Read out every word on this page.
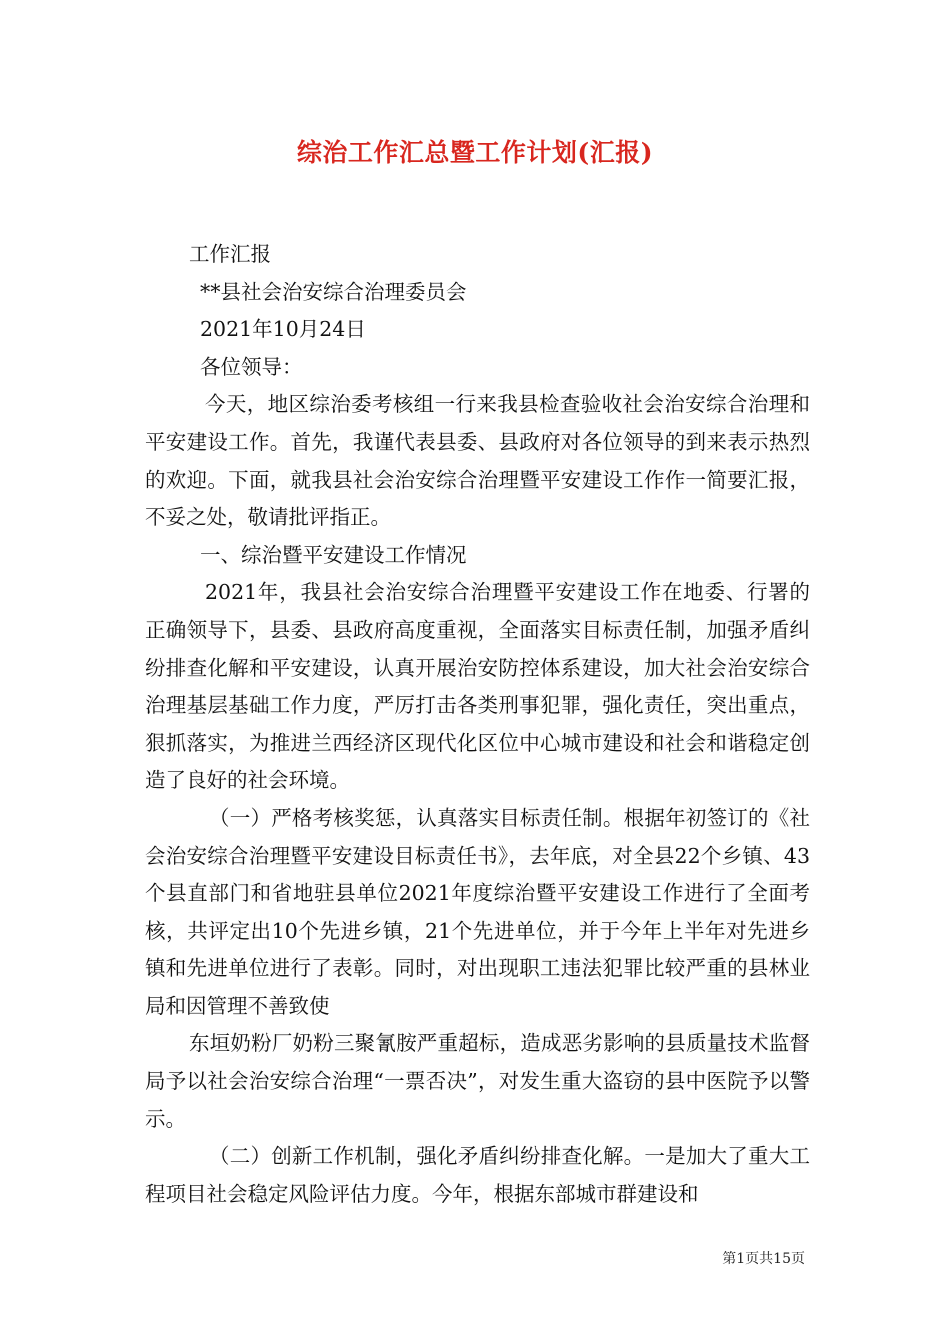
综治工作汇总暨工作计划(汇报)

工作汇报

**县社会治安综合治理委员会

2021年10月24日

各位领导：

今天，地区综治委考核组一行来我县检查验收社会治安综合治理和平安建设工作。首先，我谨代表县委、县政府对各位领导的到来表示热烈的欢迎。下面，就我县社会治安综合治理暨平安建设工作作一简要汇报，不妥之处，敬请批评指正。

一、综治暨平安建设工作情况

2021年，我县社会治安综合治理暨平安建设工作在地委、行署的正确领导下，县委、县政府高度重视，全面落实目标责任制，加强矛盾纠纷排查化解和平安建设，认真开展治安防控体系建设，加大社会治安综合治理基层基础工作力度，严厉打击各类刑事犯罪，强化责任，突出重点，狠抓落实，为推进兰西经济区现代化区位中心城市建设和社会和谐稳定创造了良好的社会环境。

（一）严格考核奖惩，认真落实目标责任制。根据年初签订的《社会治安综合治理暨平安建设目标责任书》，去年底，对全县22个乡镇、43个县直部门和省地驻县单位2021年度综治暨平安建设工作进行了全面考核，共评定出10个先进乡镇，21个先进单位，并于今年上半年对先进乡镇和先进单位进行了表彰。同时，对出现职工违法犯罪比较严重的县林业局和因管理不善致使

东垣奶粉厂奶粉三聚氰胺严重超标，造成恶劣影响的县质量技术监督局予以社会治安综合治理“一票否决”，对发生重大盗窃的县中医院予以警示。

（二）创新工作机制，强化矛盾纠纷排查化解。一是加大了重大工程项目社会稳定风险评估力度。今年，根据东部城市群建设和

第1页共15页
